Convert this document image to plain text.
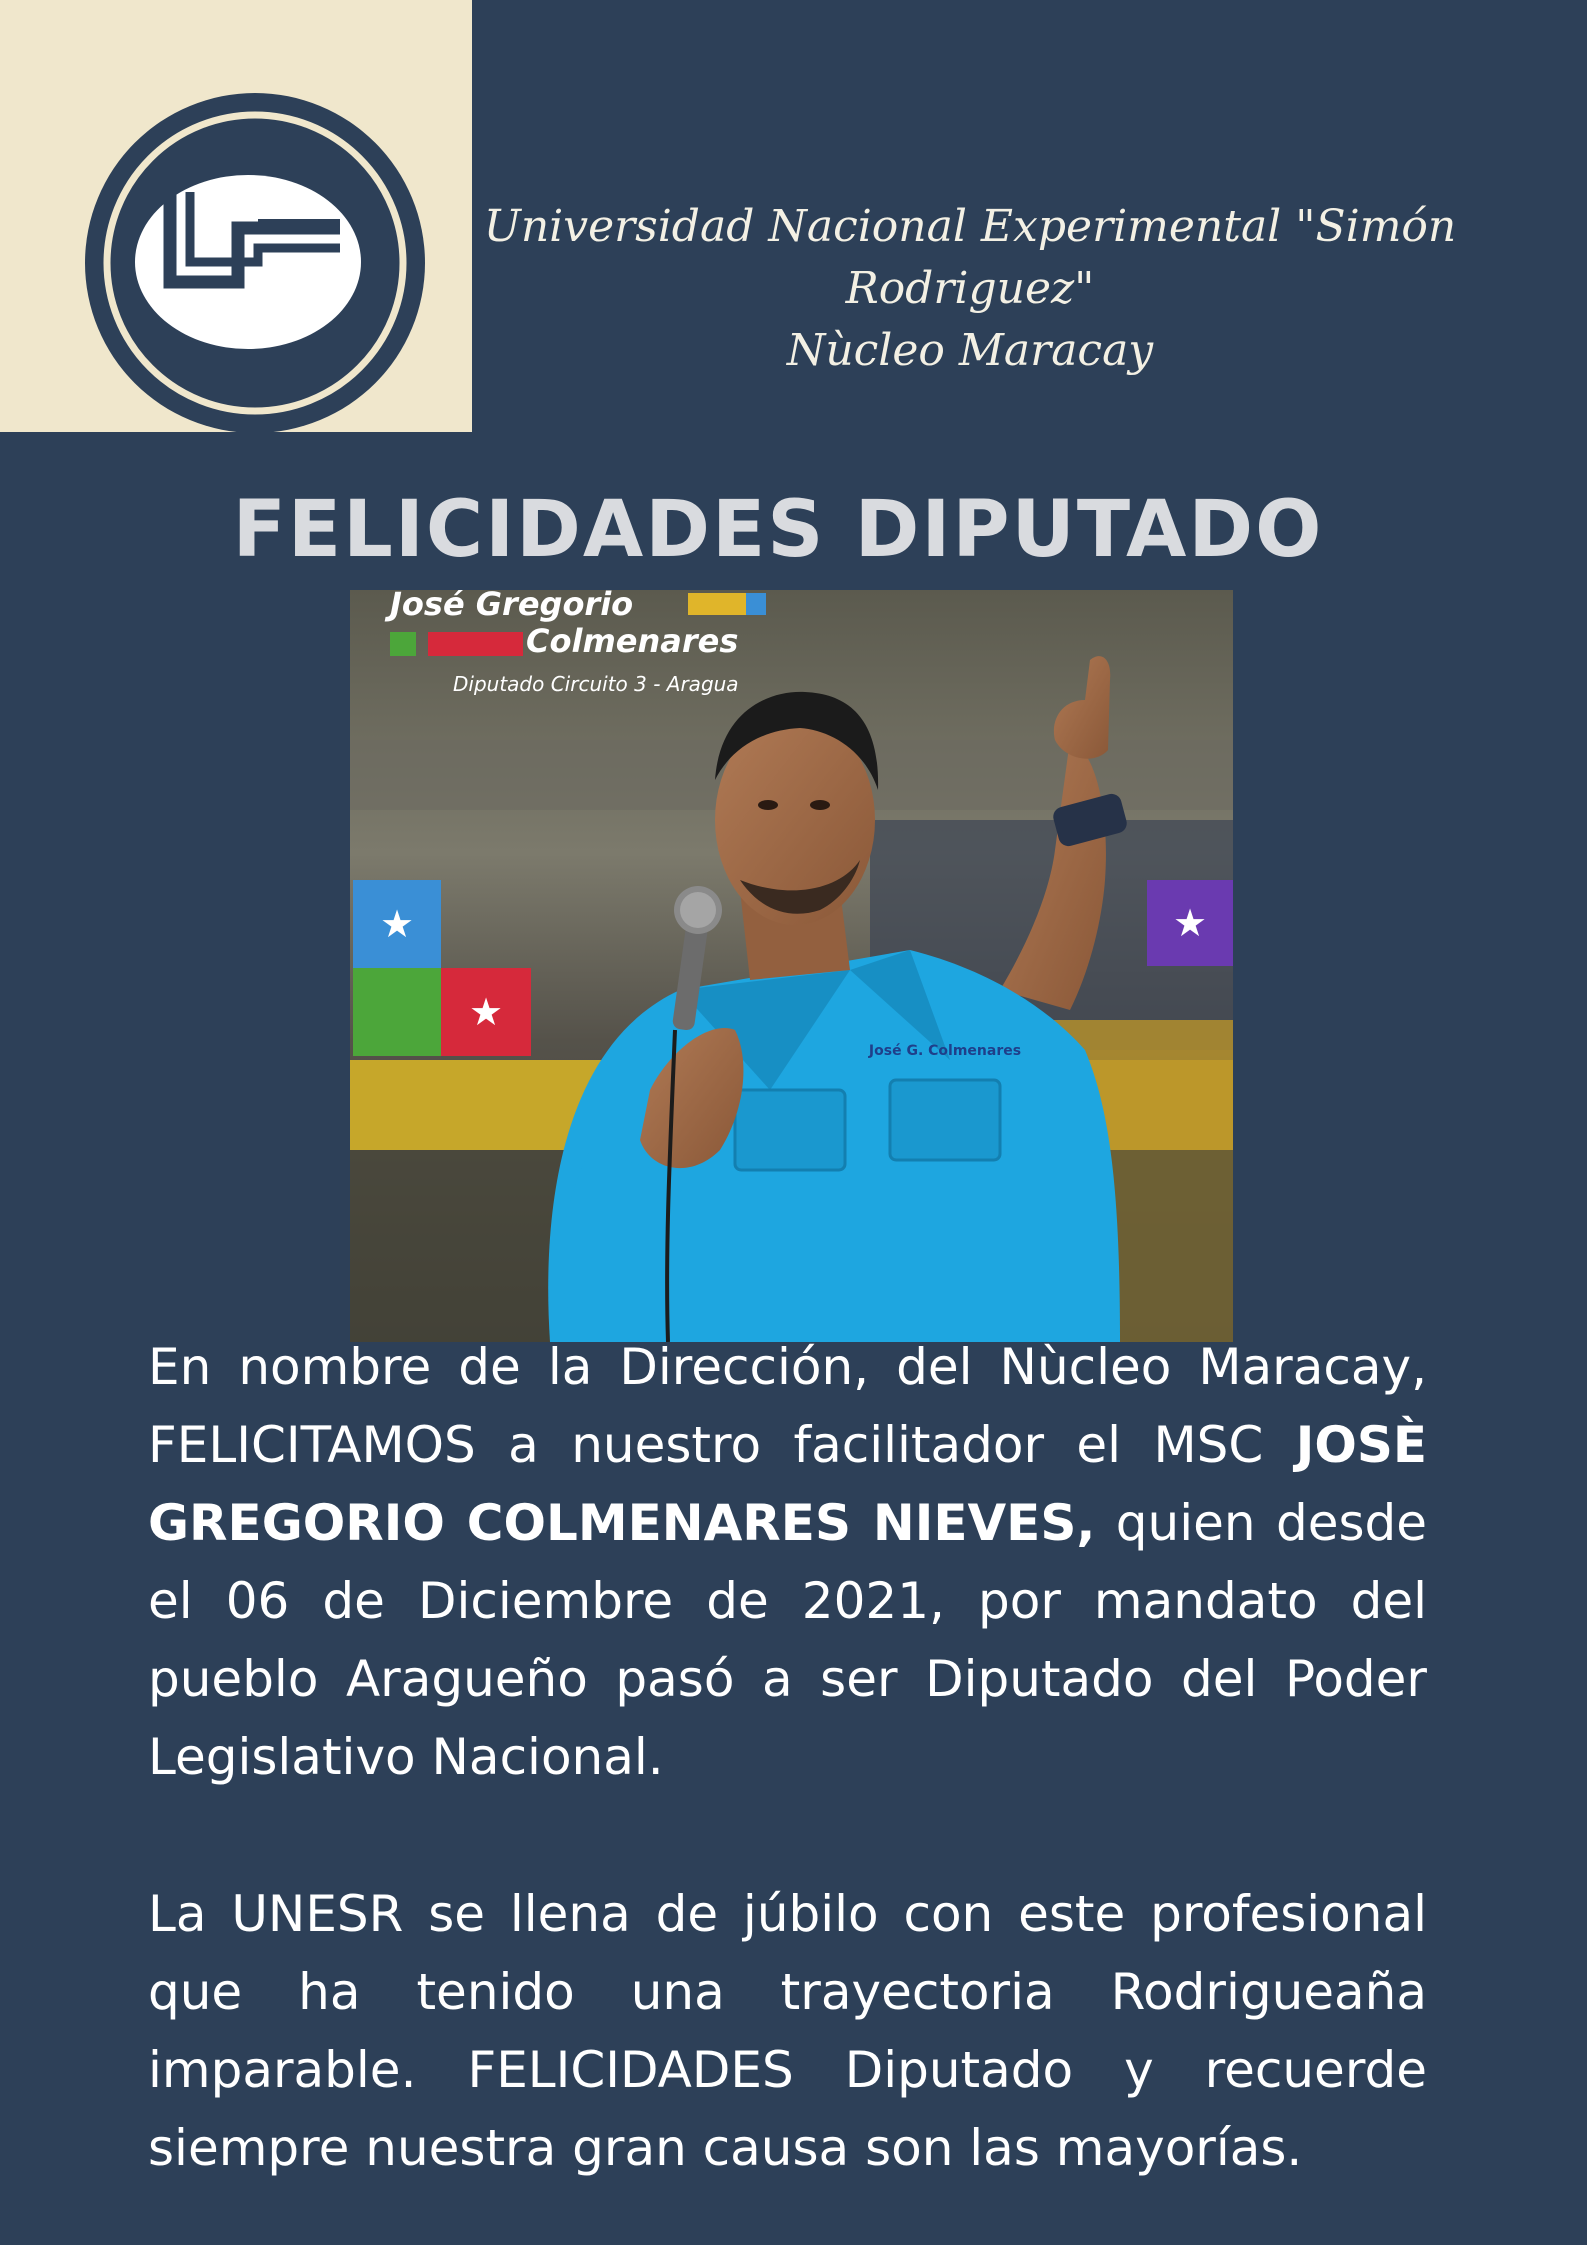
Universidad Nacional Experimental "Simón Rodriguez"
Nùcleo Maracay
FELICIDADES DIPUTADO
★
★
★
José G. Colmenares
José Gregorio
Colmenares
Diputado Circuito 3 - Aragua
En nombre de la Dirección, del Nùcleo Maracay, FELICITAMOS a nuestro facilitador el MSC JOSÈ GREGORIO COLMENARES NIEVES, quien desde el 06 de Diciembre de 2021, por mandato del pueblo Aragueño pasó a ser Diputado del Poder Legislativo Nacional.
La UNESR se llena de júbilo con este profesional que ha tenido una trayectoria Rodrigueaña imparable. FELICIDADES Diputado y recuerde siempre nuestra gran causa son las mayorías.
